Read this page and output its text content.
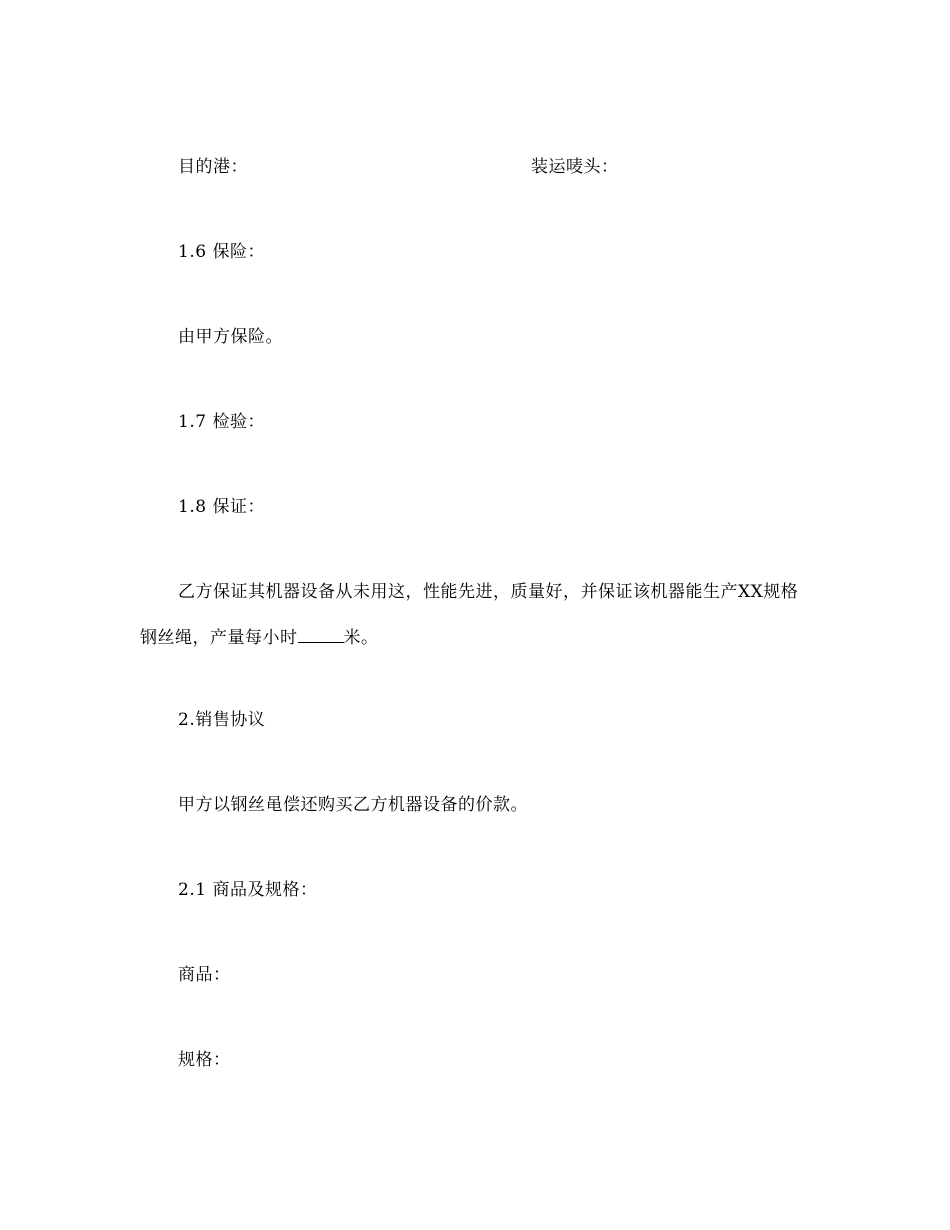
目的港：	装运唛头：
1.6 保险：
由甲方保险。
1.7 检验：
1.8 保证：
乙方保证其机器设备从未用这，性能先进，质量好，并保证该机器能生产XX规格
钢丝绳，产量每小时	米。
2.销售协议
甲方以钢丝黾偿还购买乙方机器设备的价款。
2.1 商品及规格：
商品：
规格：
